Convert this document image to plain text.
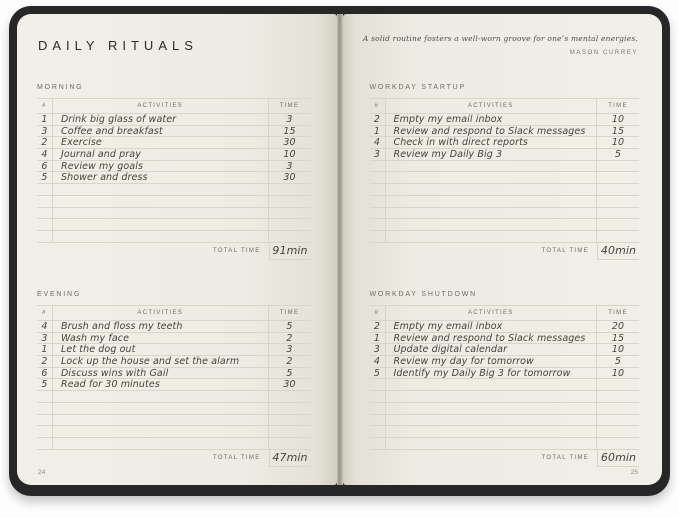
DAILY RITUALS
MORNING
#	ACTIVITIES	TIME
1	Drink big glass of water	3
3	Coffee and breakfast	15
2	Exercise	30
4	Journal and pray	10
6	Review my goals	3
5	Shower and dress	30
TOTAL TIME	91min
EVENING
#	ACTIVITIES	TIME
4	Brush and floss my teeth	5
3	Wash my face	2
1	Let the dog out	3
2	Lock up the house and set the alarm	2
6	Discuss wins with Gail	5
5	Read for 30 minutes	30
TOTAL TIME	47min
24
A solid routine fosters a well-worn groove for one’s mental energies.
MASON CURREY
WORKDAY STARTUP
#	ACTIVITIES	TIME
2	Empty my email inbox	10
1	Review and respond to Slack messages	15
4	Check in with direct reports	10
3	Review my Daily Big 3	5
TOTAL TIME	40min
WORKDAY SHUTDOWN
#	ACTIVITIES	TIME
2	Empty my email inbox	20
1	Review and respond to Slack messages	15
3	Update digital calendar	10
4	Review my day for tomorrow	5
5	Identify my Daily Big 3 for tomorrow	10
TOTAL TIME	60min
25
